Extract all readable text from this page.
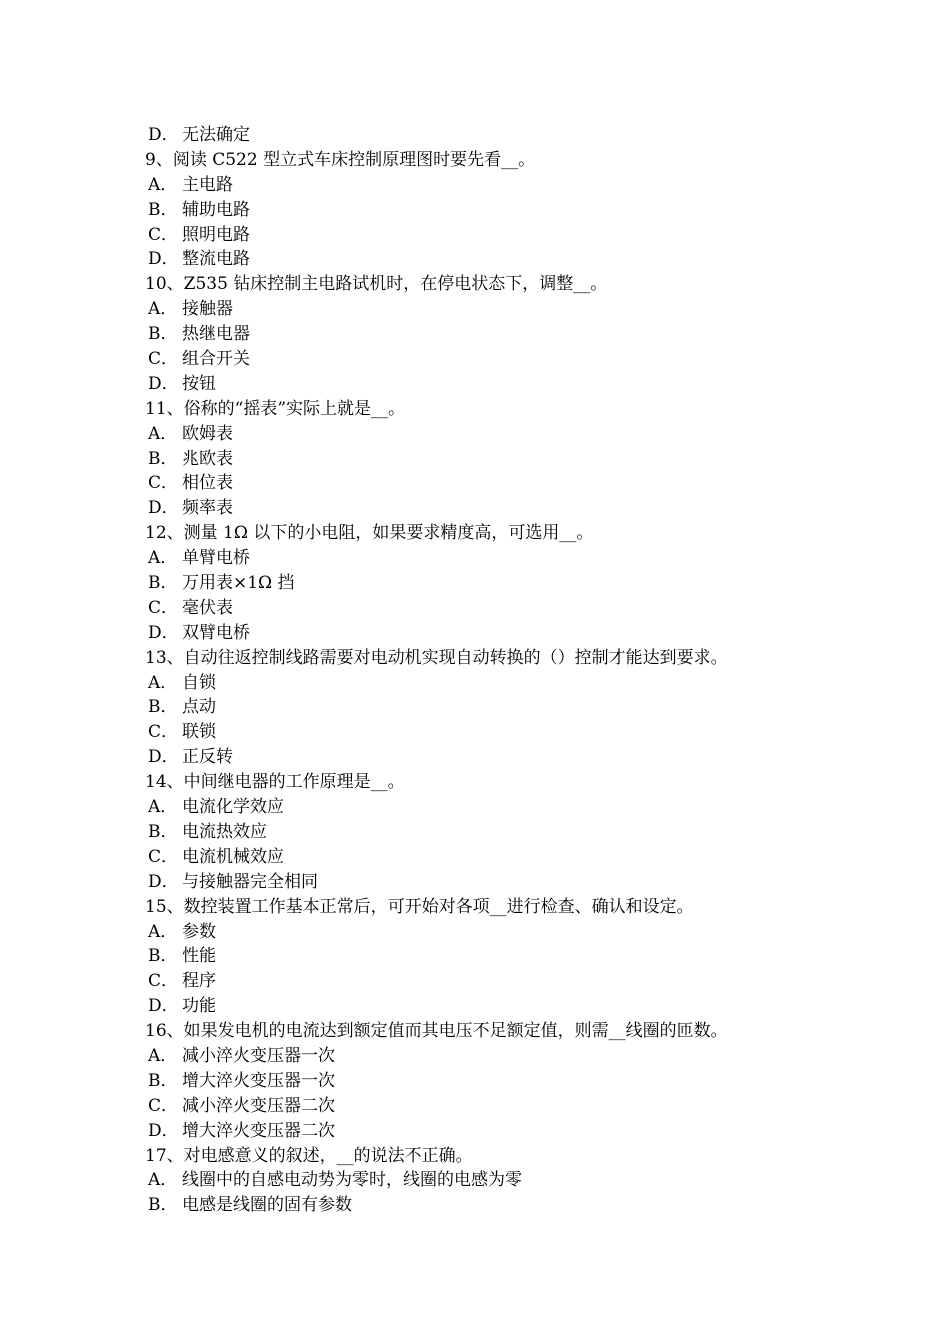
D． 无法确定
9、阅读 C522 型立式车床控制原理图时要先看__。
A． 主电路
B． 辅助电路
C． 照明电路
D． 整流电路
10、Z535 钻床控制主电路试机时，在停电状态下，调整__。
A． 接触器
B． 热继电器
C． 组合开关
D． 按钮
11、俗称的“摇表”实际上就是__。
A． 欧姆表
B． 兆欧表
C． 相位表
D． 频率表
12、测量 1Ω 以下的小电阻，如果要求精度高，可选用__。
A． 单臂电桥
B． 万用表×1Ω 挡
C． 毫伏表
D． 双臂电桥
13、自动往返控制线路需要对电动机实现自动转换的（）控制才能达到要求。
A． 自锁
B． 点动
C． 联锁
D． 正反转
14、中间继电器的工作原理是__。
A． 电流化学效应
B． 电流热效应
C． 电流机械效应
D． 与接触器完全相同
15、数控装置工作基本正常后，可开始对各项__进行检查、确认和设定。
A． 参数
B． 性能
C． 程序
D． 功能
16、如果发电机的电流达到额定值而其电压不足额定值，则需__线圈的匝数。
A． 减小淬火变压器一次
B． 增大淬火变压器一次
C． 减小淬火变压器二次
D． 增大淬火变压器二次
17、对电感意义的叙述，__的说法不正确。
A． 线圈中的自感电动势为零时，线圈的电感为零
B． 电感是线圈的固有参数
